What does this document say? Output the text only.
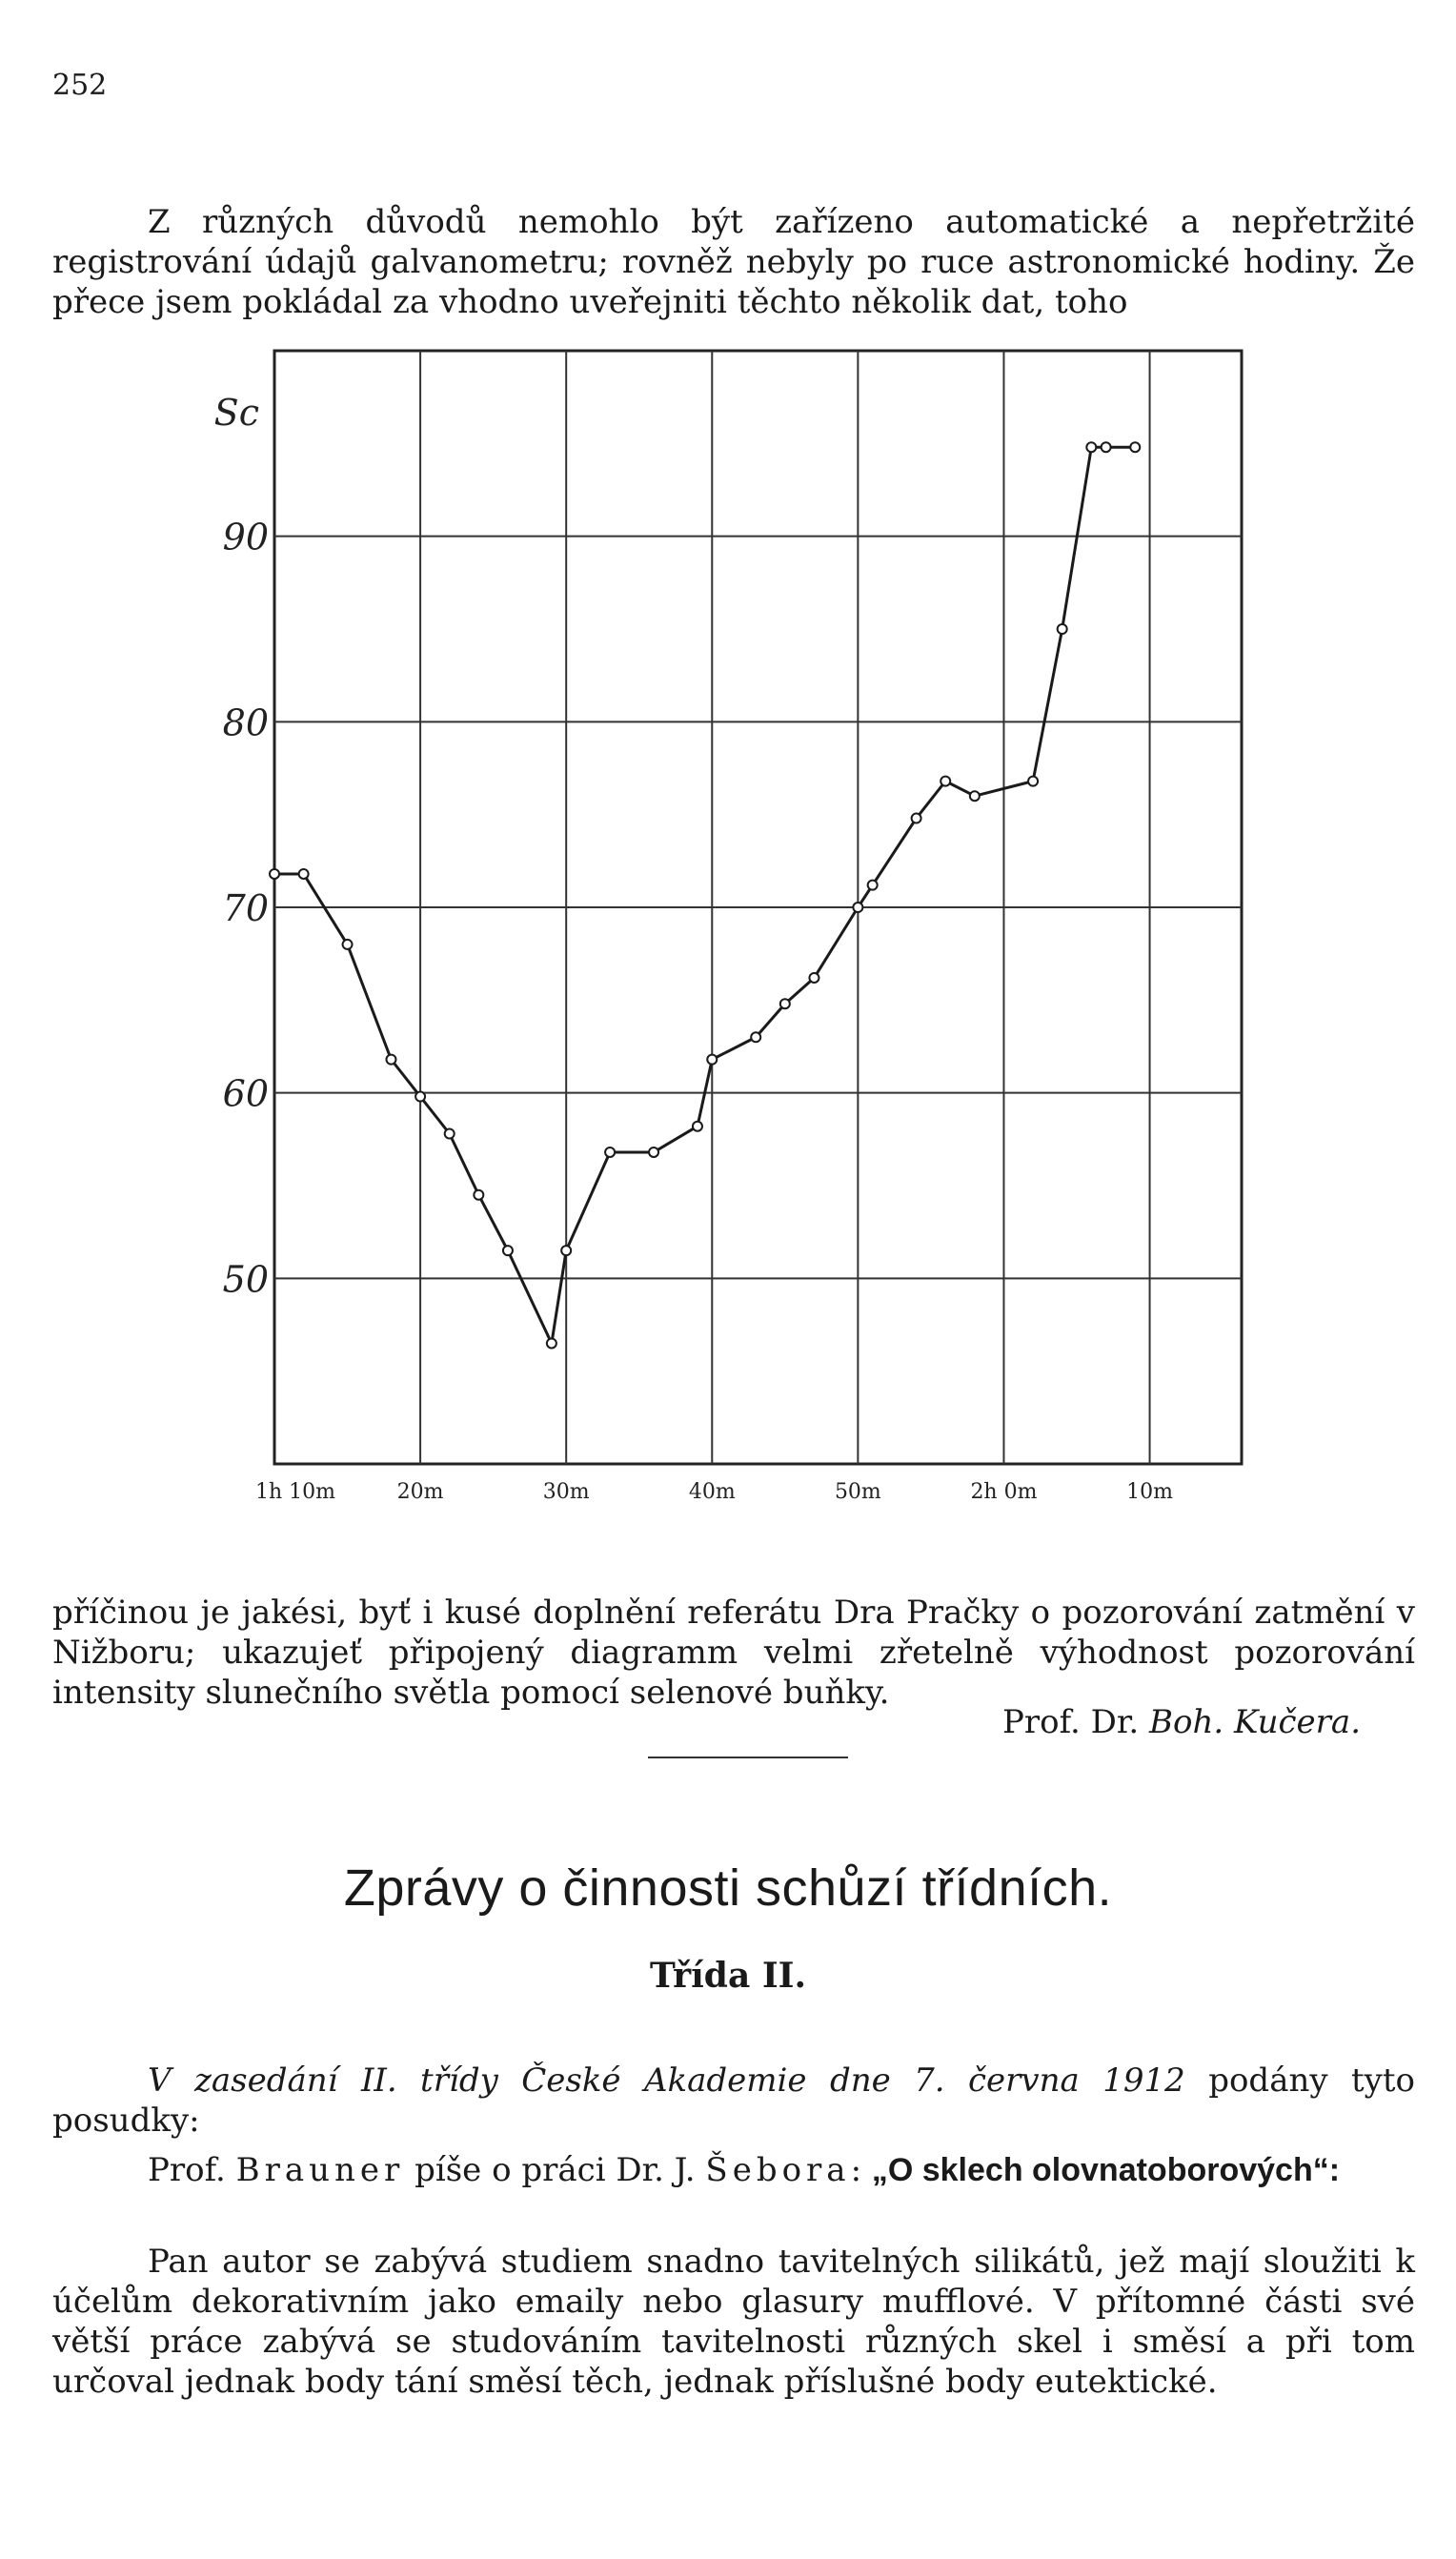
252

Z různých důvodů nemohlo být zařízeno automatické a nepřetržité registrování údajů galvanometru; rovněž nebyly po ruce astronomické hodiny. Že přece jsem pokládal za vhodno uveřejniti těchto několik dat, toho

50
60
70
80
90
Sc
1h 10m	20m	30m	40m	50m	2h 0m	10m

příčinou je jakési, byť i kusé doplnění referátu Dra Pračky o pozorování zatmění v Nižboru; ukazujeť připojený diagramm velmi zřetelně výhodnost pozorování intensity slunečního světla pomocí selenové buňky.

Prof. Dr. Boh. Kučera.
Zprávy o činnosti schůzí třídních.
Třída II.

V zasedání II. třídy České Akademie dne 7. června 1912 podány tyto posudky:

Prof. Brauner píše o práci Dr. J. Šebora: „O sklech olovnatoborových“:

Pan autor se zabývá studiem snadno tavitelných silikátů, jež mají sloužiti k účelům dekorativním jako emaily nebo glasury mufflové. V přítomné části své větší práce zabývá se studováním tavitelnosti různých skel i směsí a při tom určoval jednak body tání směsí těch, jednak příslušné body eutektické.
